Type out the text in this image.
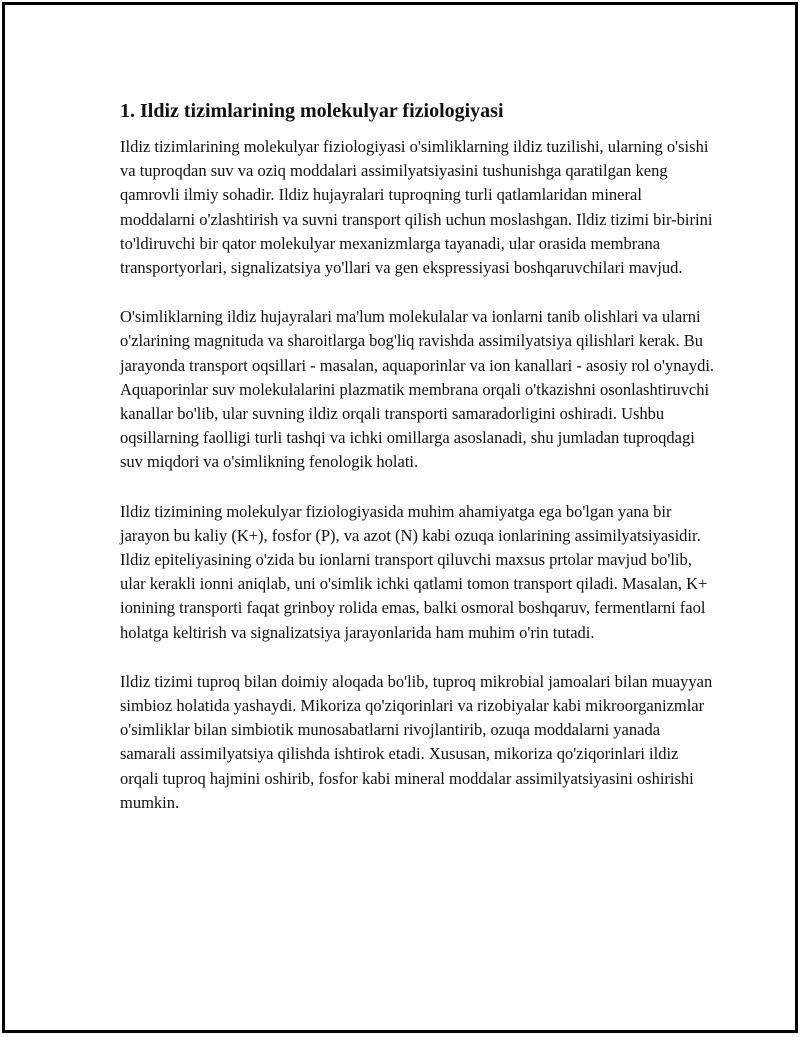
1. Ildiz tizimlarining molekulyar fiziologiyasi

Ildiz tizimlarining molekulyar fiziologiyasi o'simliklarning ildiz tuzilishi, ularning o'sishi va tuproqdan suv va oziq moddalari assimilyatsiyasini tushunishga qaratilgan keng qamrovli ilmiy sohadir. Ildiz hujayralari tuproqning turli qatlamlaridan mineral moddalarni o'zlashtirish va suvni transport qilish uchun moslashgan. Ildiz tizimi bir-birini to'ldiruvchi bir qator molekulyar mexanizmlarga tayanadi, ular orasida membrana transportyorlari, signalizatsiya yo'llari va gen ekspressiyasi boshqaruvchilari mavjud.

O'simliklarning ildiz hujayralari ma'lum molekulalar va ionlarni tanib olishlari va ularni o'zlarining magnituda va sharoitlarga bog'liq ravishda assimilyatsiya qilishlari kerak. Bu jarayonda transport oqsillari - masalan, aquaporinlar va ion kanallari - asosiy rol o'ynaydi. Aquaporinlar suv molekulalarini plazmatik membrana orqali o'tkazishni osonlashtiruvchi kanallar bo'lib, ular suvning ildiz orqali transporti samaradorligini oshiradi. Ushbu oqsillarning faolligi turli tashqi va ichki omillarga asoslanadi, shu jumladan tuproqdagi suv miqdori va o'simlikning fenologik holati.

Ildiz tizimining molekulyar fiziologiyasida muhim ahamiyatga ega bo'lgan yana bir jarayon bu kaliy (K+), fosfor (P), va azot (N) kabi ozuqa ionlarining assimilyatsiyasidir. Ildiz epiteliyasining o'zida bu ionlarni transport qiluvchi maxsus prtolar mavjud bo'lib, ular kerakli ionni aniqlab, uni o'simlik ichki qatlami tomon transport qiladi. Masalan, K+ ionining transporti faqat grinboy rolida emas, balki osmoral boshqaruv, fermentlarni faol holatga keltirish va signalizatsiya jarayonlarida ham muhim o'rin tutadi.

Ildiz tizimi tuproq bilan doimiy aloqada bo'lib, tuproq mikrobial jamoalari bilan muayyan simbioz holatida yashaydi. Mikoriza qo'ziqorinlari va rizobiyalar kabi mikroorganizmlar o'simliklar bilan simbiotik munosabatlarni rivojlantirib, ozuqa moddalarni yanada samarali assimilyatsiya qilishda ishtirok etadi. Xususan, mikoriza qo'ziqorinlari ildiz orqali tuproq hajmini oshirib, fosfor kabi mineral moddalar assimilyatsiyasini oshirishi mumkin.
